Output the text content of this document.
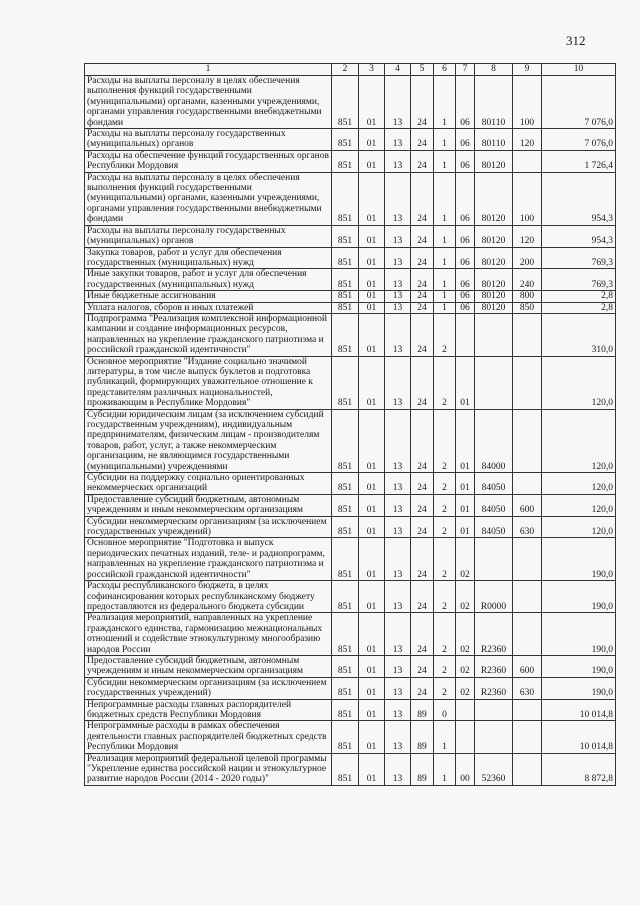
312
1	2	3	4	5	6	7	8	9	10
Расходы на выплаты персоналу в целях обеспечения выполнения функций государственными (муниципальными) органами, казенными учреждениями, органами управления государственными внебюджетными фондами	851	01	13	24	1	06	80110	100	7 076,0
Расходы на выплаты персоналу государственных (муниципальных) органов	851	01	13	24	1	06	80110	120	7 076,0
Расходы на обеспечение функций государственных органов Республики Мордовия	851	01	13	24	1	06	80120		1 726,4
Расходы на выплаты персоналу в целях обеспечения выполнения функций государственными (муниципальными) органами, казенными учреждениями, органами управления государственными внебюджетными фондами	851	01	13	24	1	06	80120	100	954,3
Расходы на выплаты персоналу государственных (муниципальных) органов	851	01	13	24	1	06	80120	120	954,3
Закупка товаров, работ и услуг для обеспечения государственных (муниципальных) нужд	851	01	13	24	1	06	80120	200	769,3
Иные закупки товаров, работ и услуг для обеспечения государственных (муниципальных) нужд	851	01	13	24	1	06	80120	240	769,3
Иные бюджетные ассигнования	851	01	13	24	1	06	80120	800	2,8
Уплата налогов, сборов и иных платежей	851	01	13	24	1	06	80120	850	2,8
Подпрограмма "Реализация комплексной информационной кампании и создание информационных ресурсов, направленных на укрепление гражданского патриотизма и российской гражданской идентичности"	851	01	13	24	2				310,0
Основное мероприятие "Издание социально значимой литературы, в том числе выпуск буклетов и подготовка публикаций, формирующих уважительное отношение к представителям различных национальностей, проживающим в Республике Мордовия"	851	01	13	24	2	01			120,0
Субсидии юридическим лицам (за исключением субсидий государственным учреждениям), индивидуальным предпринимателям, физическим лицам - производителям товаров, работ, услуг, а также некоммерческим организациям, не являющимся государственными (муниципальными) учреждениями	851	01	13	24	2	01	84000		120,0
Субсидии на поддержку социально ориентированных некоммерческих организаций	851	01	13	24	2	01	84050		120,0
Предоставление субсидий бюджетным, автономным учреждениям и иным некоммерческим организациям	851	01	13	24	2	01	84050	600	120,0
Субсидии некоммерческим организациям (за исключением государственных учреждений)	851	01	13	24	2	01	84050	630	120,0
Основное мероприятие "Подготовка и выпуск периодических печатных изданий, теле- и радиопрограмм, направленных на укрепление гражданского патриотизма и российской гражданской идентичности"	851	01	13	24	2	02			190,0
Расходы республиканского бюджета, в целях софинансирования которых республиканскому бюджету предоставляются из федерального бюджета субсидии	851	01	13	24	2	02	R0000		190,0
Реализация мероприятий, направленных на укрепление гражданского единства, гармонизацию межнациональных отношений и содействие этнокультурному многообразию народов России	851	01	13	24	2	02	R2360		190,0
Предоставление субсидий бюджетным, автономным учреждениям и иным некоммерческим организациям	851	01	13	24	2	02	R2360	600	190,0
Субсидии некоммерческим организациям (за исключением государственных учреждений)	851	01	13	24	2	02	R2360	630	190,0
Непрограммные расходы главных распорядителей бюджетных средств Республики Мордовия	851	01	13	89	0				10 014,8
Непрограммные расходы в рамках обеспечения деятельности главных распорядителей бюджетных средств Республики Мордовия	851	01	13	89	1				10 014,8
Реализация мероприятий федеральной целевой программы "Укрепление единства российской нации и этнокультурное развитие народов России (2014 - 2020 годы)"	851	01	13	89	1	00	52360		8 872,8
